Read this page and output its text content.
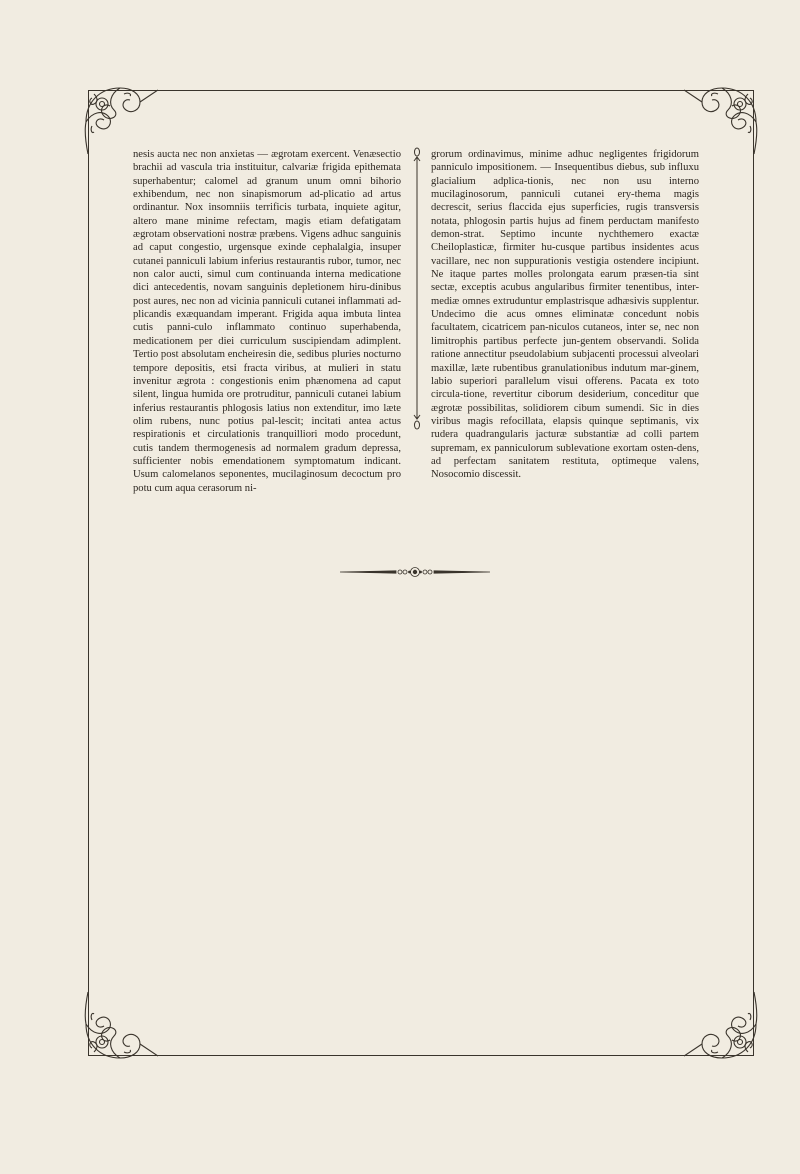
nesis aucta nec non anxietas — ægrotam exercent. Venæsectio brachii ad vascula tria instituitur, calvariæ frigida epithemata superhabentur; calomel ad granum unum omni bihorio exhibendum, nec non sinapismorum ad-plicatio ad artus ordinantur. Nox insomniis terrificis turbata, inquiete agitur, altero mane minime refectam, magis etiam defatigatam ægrotam observationi nostræ præbens. Vigens adhuc sanguinis ad caput congestio, urgensque exinde cephalalgia, insuper cutanei panniculi labium inferius restaurantis rubor, tumor, nec non calor aucti, simul cum continuanda interna medicatione dici antecedentis, novam sanguinis depletionem hiru-dinibus post aures, nec non ad vicinia panniculi cutanei inflammati ad-plicandis exæquandam imperant. Frigida aqua imbuta lintea cutis panni-culo inflammato continuo superhabenda, medicationem per diei curriculum suscipiendam adimplent. Tertio post absolutam encheiresin die, sedibus pluries nocturno tempore depositis, etsi fracta viribus, at mulieri in statu invenitur ægrota : congestionis enim phænomena ad caput silent, lingua humida ore protruditur, panniculi cutanei labium inferius restaurantis phlogosis latius non extenditur, imo læte olim rubens, nunc potius pal-lescit; incitati antea actus respirationis et circulationis tranquilliori modo procedunt, cutis tandem thermogenesis ad normalem gradum depressa, sufficienter nobis emendationem symptomatum indicant. Usum calomelanos seponentes, mucilaginosum decoctum pro potu cum aqua cerasorum ni-

grorum ordinavimus, minime adhuc negligentes frigidorum panniculo impositionem. — Insequentibus diebus, sub influxu glacialium adplica-tionis, nec non usu interno mucilaginosorum, panniculi cutanei ery-thema magis decrescit, serius flaccida ejus superficies, rugis transversis notata, phlogosin partis hujus ad finem perductam manifesto demon-strat. Septimo incunte nychthemero exactæ Cheiloplasticæ, firmiter hu-cusque partibus insidentes acus vacillare, nec non suppurationis vestigia ostendere incipiunt. Ne itaque partes molles prolongata earum præsen-tia sint sectæ, exceptis acubus angularibus firmiter tenentibus, inter-mediæ omnes extruduntur emplastrisque adhæsivis supplentur. Undecimo die acus omnes eliminatæ concedunt nobis facultatem, cicatricem pan-niculos cutaneos, inter se, nec non limitrophis partibus perfecte jun-gentem observandi. Solida ratione annectitur pseudolabium subjacenti processui alveolari maxillæ, læte rubentibus granulationibus indutum mar-ginem, labio superiori parallelum visui offerens. Pacata ex toto circula-tione, revertitur ciborum desiderium, conceditur que ægrotæ possibilitas, solidiorem cibum sumendi. Sic in dies viribus magis refocillata, elapsis quinque septimanis, vix rudera quadrangularis jacturæ substantiæ ad colli partem supremam, ex panniculorum sublevatione exortam osten-dens, ad perfectam sanitatem restituta, optimeque valens, Nosocomio discessit.
